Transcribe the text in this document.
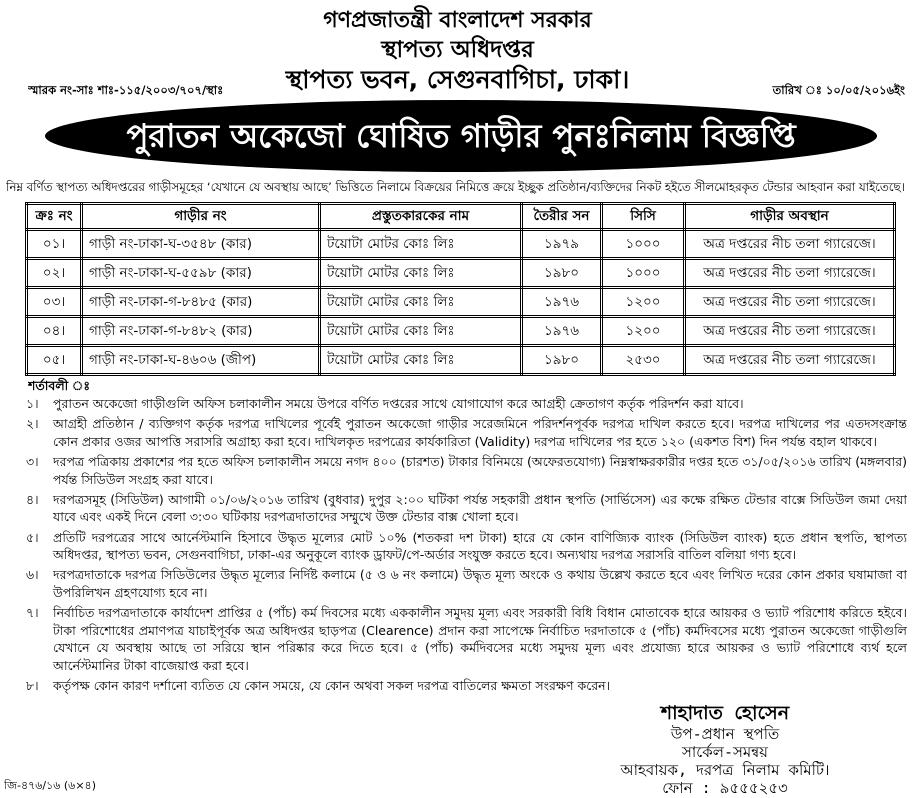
গণপ্রজাতন্ত্রী বাংলাদেশ সরকার
স্থাপত্য অধিদপ্তর
স্থাপত্য ভবন, সেগুনবাগিচা, ঢাকা।
স্মারক নং-সাঃ শাঃ-১১৫/২০০৩/৭০৭/স্থাঃ	তারিখ ঃ ১০/০৫/২০১৬ইং
পুরাতন অকেজো ঘোষিত গাড়ীর পুনঃনিলাম বিজ্ঞপ্তি
নিম্ন বর্ণিত স্থাপত্য অধিদপ্তরের গাড়ীসমূহের ‘যেখানে যে অবস্থায় আছে’ ভিত্তিতে নিলামে বিক্রয়ের নিমিত্তে ক্রয়ে ইচ্ছুক প্রতিষ্ঠান/ব্যক্তিদের নিকট হইতে সীলমোহরকৃত টেন্ডার আহবান করা যাইতেছে।
ক্রঃ নং	গাড়ীর নং	প্রস্তুতকারকের নাম	তৈরীর সন	সিসি	গাড়ীর অবস্থান

০১।	গাড়ী নং-ঢাকা-ঘ-৩৫৪৮ (কার)	টয়োটা মোটর কোঃ লিঃ	১৯৭৯	১০০০	অত্র দপ্তরের নীচ তলা গ্যারেজে।

০২।	গাড়ী নং-ঢাকা-ঘ-৫৫৯৮ (কার)	টয়োটা মোটর কোঃ লিঃ	১৯৮০	১০০০	অত্র দপ্তরের নীচ তলা গ্যারেজে।

০৩।	গাড়ী নং-ঢাকা-গ-৮৪৮৫ (কার)	টয়োটা মোটর কোঃ লিঃ	১৯৭৬	১২০০	অত্র দপ্তরের নীচ তলা গ্যারেজে।

০৪।	গাড়ী নং-ঢাকা-গ-৮৪৮২ (কার)	টয়োটা মোটর কোঃ লিঃ	১৯৭৬	১২০০	অত্র দপ্তরের নীচ তলা গ্যারেজে।

০৫।	গাড়ী নং-ঢাকা-ঘ-৪৬০৬ (জীপ)	টয়োটা মোটর কোঃ লিঃ	১৯৮০	২৫৩০	অত্র দপ্তরের নীচ তলা গ্যারেজে।
শর্তাবলী ঃ
১।	পুরাতন অকেজো গাড়ীগুলি অফিস চলাকালীন সময়ে উপরে বর্ণিত দপ্তরের সাথে যোগাযোগ করে আগ্রহী ক্রেতাগণ কর্তৃক পরিদর্শন করা যাবে।
২।	আগ্রহী প্রতিষ্ঠান / ব্যক্তিগণ কর্তৃক দরপত্র দাখিলের পূর্বেই পুরাতন অকেজো গাড়ীর সরেজমিনে পরিদর্শনপূর্বক দরপত্র দাখিল করতে হবে। দরপত্র দাখিলের পর এতদসংক্রান্ত কোন প্রকার ওজর আপত্তি সরাসরি অগ্রাহ্য করা হবে। দাখিলকৃত দরপত্রের কার্যকারিতা (Validity) দরপত্র দাখিলের পর হতে ১২০ (একশত বিশ) দিন পর্যন্ত বহাল থাকবে।
৩।	দরপত্র পত্রিকায় প্রকাশের পর হতে অফিস চলাকালীন সময়ে নগদ ৪০০ (চারশত) টাকার বিনিময়ে (অফেরতযোগ্য) নিম্নস্বাক্ষরকারীর দপ্তর হতে ৩১/০৫/২০১৬ তারিখ (মঙ্গলবার) পর্যন্ত সিডিউল সংগ্রহ করা যাবে।
৪।	দরপত্রসমূহ (সিডিউল) আগামী ০১/০৬/২০১৬ তারিখ (বুধবার) দুপুর ২:০০ ঘটিকা পর্যন্ত সহকারী প্রধান স্থপতি (সার্ভিসেস) এর কক্ষে রক্ষিত টেন্ডার বাক্সে সিডিউল জমা দেয়া যাবে এবং একই দিনে বেলা ৩:৩০ ঘটিকায় দরপত্রদাতাদের সম্মুখে উক্ত টেন্ডার বাক্স খোলা হবে।
৫।	প্রতিটি দরপত্রের সাথে আর্নেস্টমানি হিসাবে উদ্ধৃত মূল্যের মোট ১০% (শতকরা দশ টাকা) হারে যে কোন বাণিজ্যিক ব্যাংক (সিডিউল ব্যাংক) হতে প্রধান স্থপতি, স্থাপত্য অধিদপ্তর, স্থাপত্য ভবন, সেগুনবাগিচা, ঢাকা-এর অনুকূলে ব্যাংক ড্রাফট/পে-অর্ডার সংযুক্ত করতে হবে। অন্যথায় দরপত্র সরাসরি বাতিল বলিয়া গণ্য হবে।
৬।	দরপত্রদাতাকে দরপত্র সিডিউলের উদ্ধৃত মূল্যের নির্দিষ্ট কলামে (৫ ও ৬ নং কলামে) উদ্ধৃত মূল্য অংকে ও কথায় উল্লেখ করতে হবে এবং লিখিত দরের কোন প্রকার ঘষামাজা বা উপরিলিখন গ্রহণযোগ্য হবে না।
৭।	নির্বাচিত দরপত্রদাতাকে কার্যাদেশ প্রাপ্তির ৫ (পাঁচ) কর্ম দিবসের মধ্যে এককালীন সমুদয় মূল্য এবং সরকারী বিধি বিধান মোতাবেক হারে আয়কর ও ভ্যাট পরিশোধ করিতে হইবে। টাকা পরিশোধের প্রমাণপত্র যাচাইপূর্বক অত্র অধিদপ্তর ছাড়পত্র (Clearence) প্রদান করা সাপেক্ষে নির্বাচিত দরদাতাকে ৫ (পাঁচ) কর্মদিবসের মধ্যে পুরাতন অকেজো গাড়ীগুলি যেখানে যে অবস্থায় আছে তা সরিয়ে স্থান পরিষ্কার করে দিতে হবে। ৫ (পাঁচ) কর্মদিবসের মধ্যে সমুদয় মূল্য এবং প্রযোজ্য হারে আয়কর ও ভ্যাট পরিশোধে ব্যর্থ হলে আর্নেস্টমানির টাকা বাজেয়াপ্ত করা হবে।
৮।	কর্তৃপক্ষ কোন কারণ দর্শানো ব্যতিত যে কোন সময়ে, যে কোন অথবা সকল দরপত্র বাতিলের ক্ষমতা সংরক্ষণ করেন।
শাহাদাত হোসেন
উপ-প্রধান স্থপতি
সার্কেল-সমন্বয়
আহবায়ক, দরপত্র নিলাম কমিটি।
ফোন : ৯৫৫৫২৫৩
জি-৪৭৬/১৬ (৬×৪)
